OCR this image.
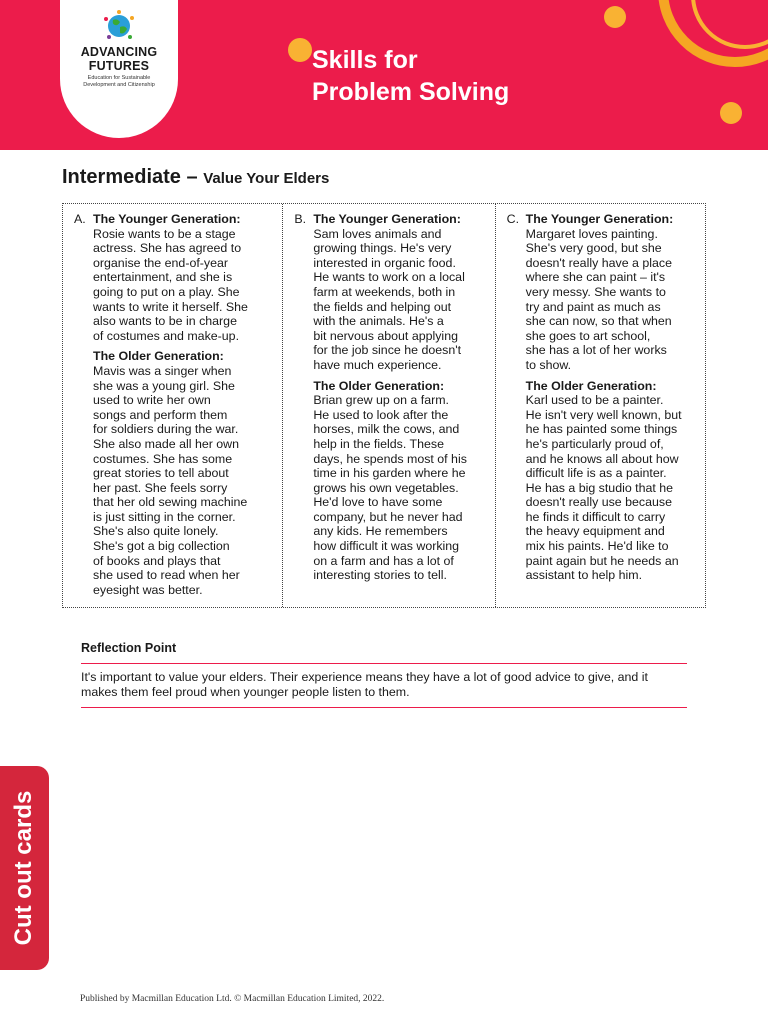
ADVANCING
FUTURES
Education for Sustainable
Development and Citizenship
Skills for
Problem Solving
Intermediate – Value Your Elders
A. The Younger Generation:
Rosie wants to be a stage
actress. She has agreed to
organise the end-of-year
entertainment, and she is
going to put on a play. She
wants to write it herself. She
also wants to be in charge
of costumes and make-up.
The Older Generation:
Mavis was a singer when
she was a young girl. She
used to write her own
songs and perform them
for soldiers during the war.
She also made all her own
costumes. She has some
great stories to tell about
her past. She feels sorry
that her old sewing machine
is just sitting in the corner.
She's also quite lonely.
She's got a big collection
of books and plays that
she used to read when her
eyesight was better.
B. The Younger Generation:
Sam loves animals and
growing things. He's very
interested in organic food.
He wants to work on a local
farm at weekends, both in
the fields and helping out
with the animals. He's a
bit nervous about applying
for the job since he doesn't
have much experience.
The Older Generation:
Brian grew up on a farm.
He used to look after the
horses, milk the cows, and
help in the fields. These
days, he spends most of his
time in his garden where he
grows his own vegetables.
He'd love to have some
company, but he never had
any kids. He remembers
how difficult it was working
on a farm and has a lot of
interesting stories to tell.
C. The Younger Generation:
Margaret loves painting.
She's very good, but she
doesn't really have a place
where she can paint – it's
very messy. She wants to
try and paint as much as
she can now, so that when
she goes to art school,
she has a lot of her works
to show.
The Older Generation:
Karl used to be a painter.
He isn't very well known, but
he has painted some things
he's particularly proud of,
and he knows all about how
difficult life is as a painter.
He has a big studio that he
doesn't really use because
he finds it difficult to carry
the heavy equipment and
mix his paints. He'd like to
paint again but he needs an
assistant to help him.
Reflection Point
It's important to value your elders. Their experience means they have a lot of good advice to give, and it
makes them feel proud when younger people listen to them.
Cut out cards
Published by Macmillan Education Ltd. © Macmillan Education Limited, 2022.
